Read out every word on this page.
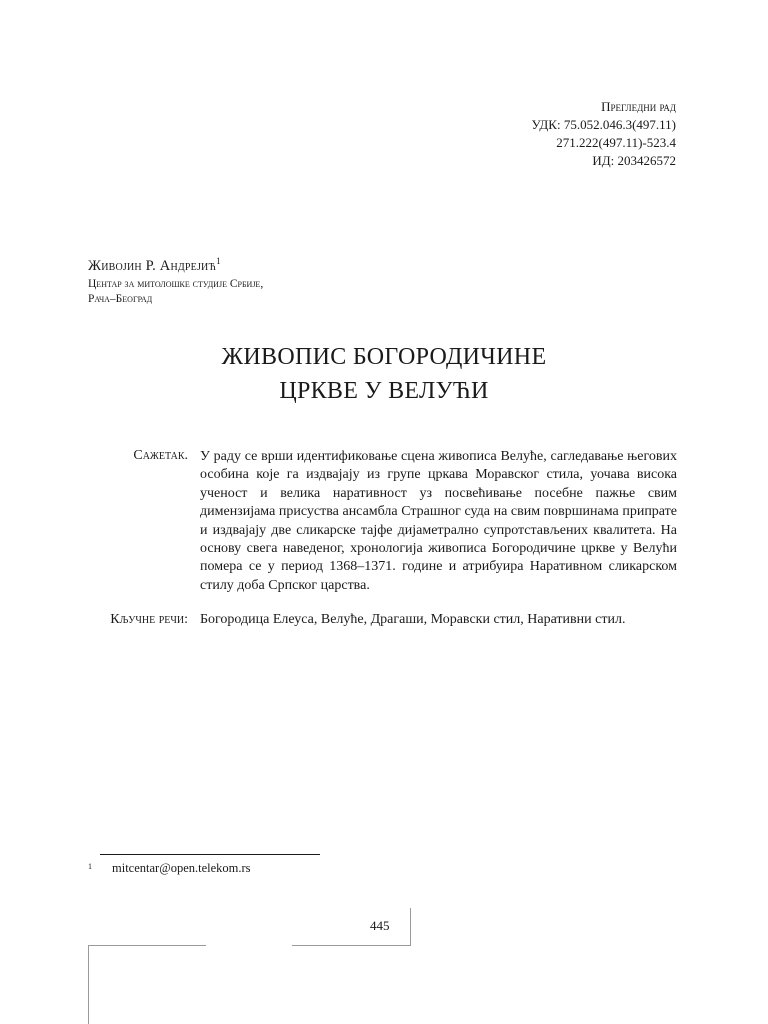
Прегледни рад
УДК: 75.052.046.3(497.11)
271.222(497.11)-523.4
ИД: 203426572
Живојин Р. Андрејић$^1$
Центар за митолошке студије Србије,
Рача–Београд
ЖИВОПИС БОГОРОДИЧИНЕ
ЦРКВЕ У ВЕЛУЋИ
Сажетак. У раду се врши идентификовање сцена живописа Велуће, сагледавање његових особина које га издвајају из групе цркава Моравског стила, уочава висока ученост и велика наративност уз посвећивање посебне пажње свим димензијама присуства ансамбла Страшног суда на свим површинама припрате и издвајају две сликарске тајфе дијаметрално супротстављених квалитета. На основу свега наведеног, хронологија живописа Богородичине цркве у Велући помера се у период 1368–1371. године и атрибуира Наративном сликарском стилу доба Српског царства.
Кључне речи: Богородица Елеуса, Велуће, Драгаши, Моравски стил, Наративни стил.
1 mitcentar@open.telekom.rs
445
